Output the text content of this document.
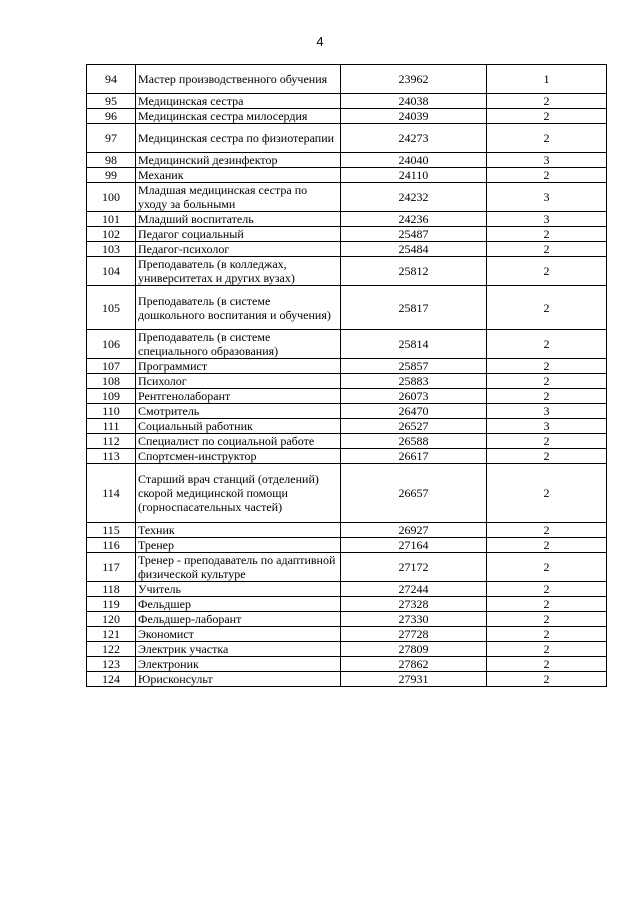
4
94	Мастер производственного обучения	23962	1
95	Медицинская сестра	24038	2
96	Медицинская сестра милосердия	24039	2
97	Медицинская сестра по физиотерапии	24273	2
98	Медицинский дезинфектор	24040	3
99	Механик	24110	2
100	Младшая медицинская сестра по уходу за больными	24232	3
101	Младший воспитатель	24236	3
102	Педагог социальный	25487	2
103	Педагог-психолог	25484	2
104	Преподаватель (в колледжах, университетах и других вузах)	25812	2
105	Преподаватель (в системе дошкольного воспитания и обучения)	25817	2
106	Преподаватель (в системе специального образования)	25814	2
107	Программист	25857	2
108	Психолог	25883	2
109	Рентгенолаборант	26073	2
110	Смотритель	26470	3
111	Социальный работник	26527	3
112	Специалист по социальной работе	26588	2
113	Спортсмен-инструктор	26617	2
114	Старший врач станций (отделений) скорой медицинской помощи (горноспасательных частей)	26657	2
115	Техник	26927	2
116	Тренер	27164	2
117	Тренер - преподаватель по адаптивной физической культуре	27172	2
118	Учитель	27244	2
119	Фельдшер	27328	2
120	Фельдшер-лаборант	27330	2
121	Экономист	27728	2
122	Электрик участка	27809	2
123	Электроник	27862	2
124	Юрисконсульт	27931	2
